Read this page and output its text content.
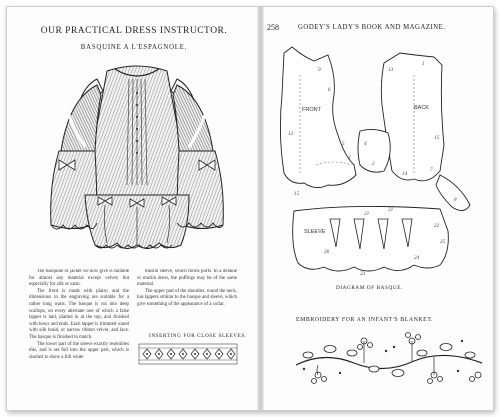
OUR PRACTICAL DRESS INSTRUCTOR.
BASQUINE A L'ESPAGNOLE.

The basquine or jacket we now give is suitable for almost any material except velvet; but especially for silk or satin.

The front is made with plaits; and the dimensions in the engraving are suitable for a rather long waist. The basque is cut into deep scallops, on every alternate one of which a false lappet is laid, plaited in at the top, and finished with bows and ends. Each lappet is trimmed round with silk braid, or narrow ribbon velvet, and lace. The basque is finished to match.

The lower part of the sleeve exactly resembles this, and is set full into the upper part, which is slashed to show a full white

muslin sleeve, which forms puffs. In a delaine or muslin dress, the puffings may be of the same material.

The upper part of the shoulder, round the neck, has lappets similar to the basque and sleeve, which give something of the appearance of a collar.

INSERTING FOR CLOSE SLEEVES.
258	GODEY'S LADY'S BOOK AND MAGAZINE.
FRONT	BACK
SLEEVE
9
6
5
3
4
2
14
7
15
8
1
12
13
22
21
25
24
23
26
21
15
DIAGRAM OF BASQUE.
EMBROIDERY FOR AN INFANT'S BLANKET.
